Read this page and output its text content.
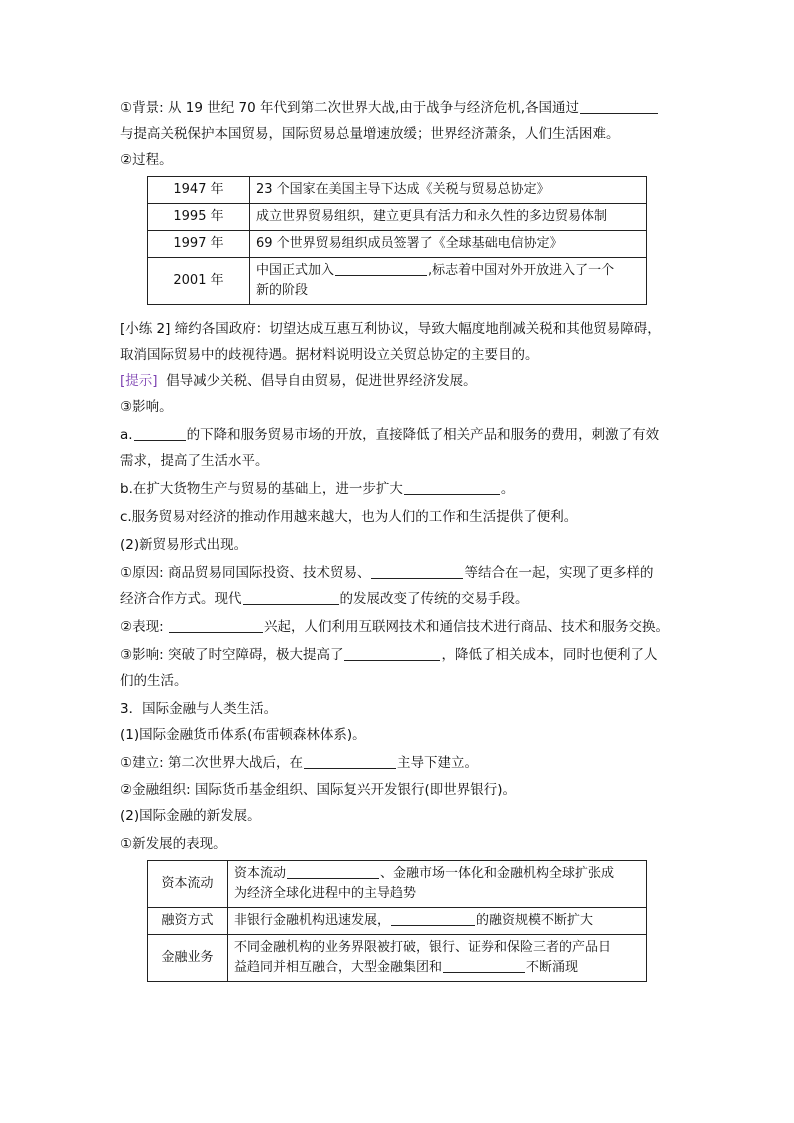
①背景: 从 19 世纪 70 年代到第二次世界大战,由于战争与经济危机,各国通过
与提高关税保护本国贸易，国际贸易总量增速放缓；世界经济萧条，人们生活困难。
②过程。
1947 年	23 个国家在美国主导下达成《关税与贸易总协定》

1995 年	成立世界贸易组织，建立更具有活力和永久性的多边贸易体制

1997 年	69 个世界贸易组织成员签署了《全球基础电信协定》

2001 年	中国正式加入 ,标志着中国对外开放进入了一个
新的阶段
[小练 2] 缔约各国政府：切望达成互惠互利协议，导致大幅度地削减关税和其他贸易障碍，
取消国际贸易中的歧视待遇。据材料说明设立关贸总协定的主要目的。
[提示] 倡导减少关税、倡导自由贸易，促进世界经济发展。
③影响。
a.	的下降和服务贸易市场的开放，直接降低了相关产品和服务的费用，刺激了有效
需求，提高了生活水平。
b.在扩大货物生产与贸易的基础上，进一步扩大	。
c.服务贸易对经济的推动作用越来越大，也为人们的工作和生活提供了便利。
(2)新贸易形式出现。
①原因: 商品贸易同国际投资、技术贸易、	等结合在一起，实现了更多样的
经济合作方式。现代	的发展改变了传统的交易手段。
②表现:	兴起，人们利用互联网技术和通信技术进行商品、技术和服务交换。
③影响: 突破了时空障碍，极大提高了	，降低了相关成本，同时也便利了人
们的生活。
3．国际金融与人类生活。
(1)国际金融货币体系(布雷顿森林体系)。
①建立: 第二次世界大战后，在	主导下建立。
②金融组织: 国际货币基金组织、国际复兴开发银行(即世界银行)。
(2)国际金融的新发展。
①新发展的表现。
资本流动	资本流动 、金融市场一体化和金融机构全球扩张成
为经济全球化进程中的主导趋势

融资方式	非银行金融机构迅速发展， 的融资规模不断扩大

金融业务	不同金融机构的业务界限被打破，银行、证券和保险三者的产品日
益趋同并相互融合，大型金融集团和 不断涌现
